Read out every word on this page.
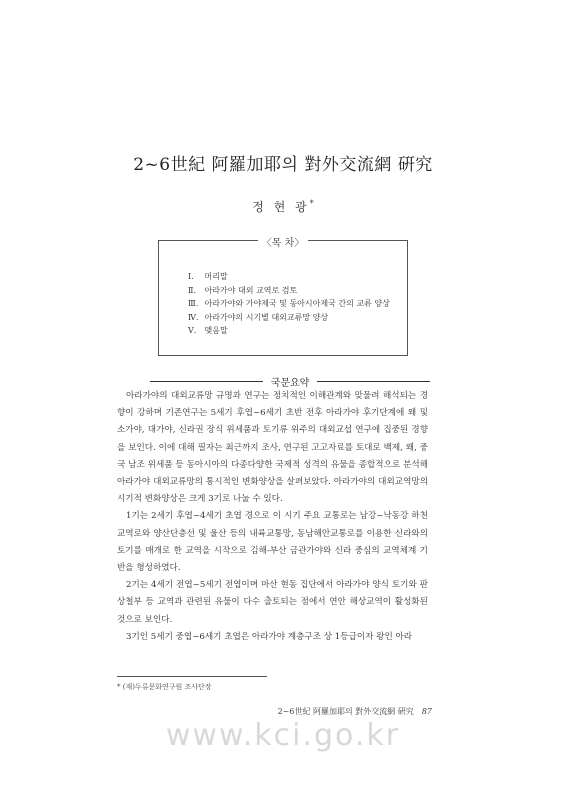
2~6世紀 阿羅加耶의 對外交流網 硏究
정 현 광*
〈목 차〉
Ⅰ. 머리말
Ⅱ. 아라가야 대외 교역로 검토
Ⅲ. 아라가야와 가야제국 및 동아시아제국 간의 교류 양상
Ⅳ. 아라가야의 시기별 대외교류망 양상
Ⅴ. 맺음말
국문요약

아라가야의 대외교류망 규명과 연구는 정치적인 이해관계와 맞물려 해석되는 경향이 강하며 기존연구는 5세기 후엽~6세기 초반 전후 아라가야 후기단계에 왜 및 소가야, 대가야, 신라권 장식 위세품과 토기류 위주의 대외교섭 연구에 집중된 경향을 보인다. 이에 대해 필자는 최근까지 조사, 연구된 고고자료를 토대로 백제, 왜, 중국 남조 위세품 등 동아시아의 다종다양한 국제적 성격의 유물을 종합적으로 분석해 아라가야 대외교류망의 통시적인 변화양상을 살펴보았다. 아라가야의 대외교역망의 시기적 변화양상은 크게 3기로 나눌 수 있다.

1기는 2세기 후엽~4세기 초엽 경으로 이 시기 주요 교통로는 남강~낙동강 하천교역로와 양산단층선 및 울산 등의 내륙교통망, 동남해안교통로를 이용한 신라와의 토기를 매개로 한 교역을 시작으로 김해-부산 금관가야와 신라 중심의 교역체계 기반을 형성하였다.

2기는 4세기 전엽~5세기 전엽이며 마산 현동 집단에서 아라가야 양식 토기와 판상철부 등 교역과 관련된 유물이 다수 출토되는 점에서 연안 해상교역이 활성화된 것으로 보인다.

3기인 5세기 중엽~6세기 초엽은 아라가야 계층구조 상 1등급이자 왕인 아라

* (재)두류문화연구원 조사단장
2~6世紀 阿羅加耶의 對外交流網 硏究 87
www.kci.go.kr
